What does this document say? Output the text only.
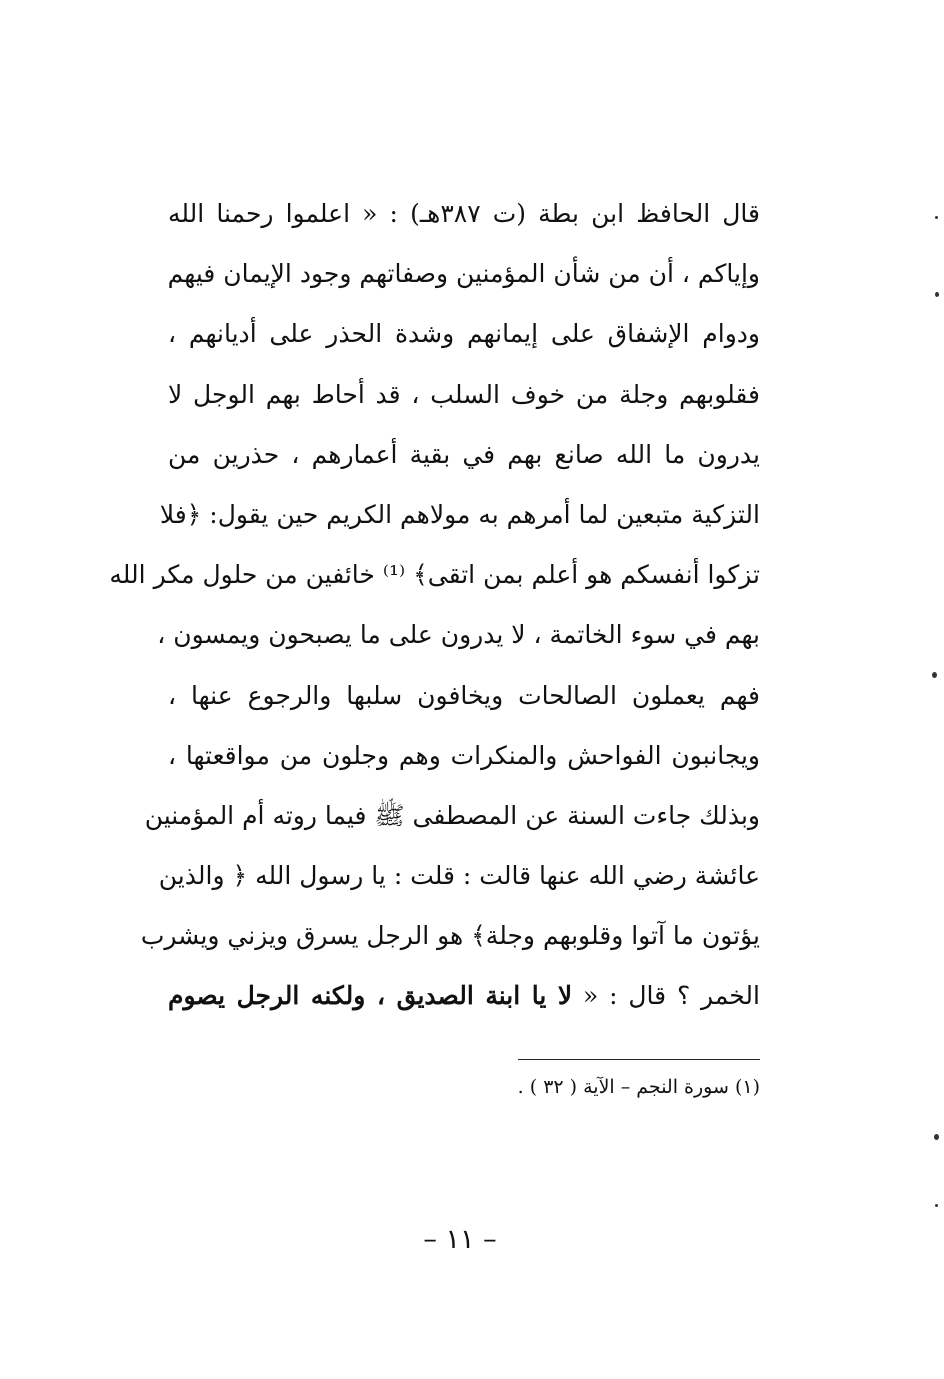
قال الحافظ ابن بطة (ت ٣٨٧هـ) : « اعلموا رحمنا الله
وإياكم ، أن من شأن المؤمنين وصفاتهم وجود الإيمان فيهم
ودوام الإشفاق على إيمانهم وشدة الحذر على أديانهم ،
فقلوبهم وجلة من خوف السلب ، قد أحاط بهم الوجل لا
يدرون ما الله صانع بهم في بقية أعمارهم ، حذرين من
التزكية متبعين لما أمرهم به مولاهم الكريم حين يقول: ﴿فلا
تزكوا أنفسكم هو أعلم بمن اتقى﴾ ⁽¹⁾ خائفين من حلول مكر الله
بهم في سوء الخاتمة ، لا يدرون على ما يصبحون ويمسون ،
فهم يعملون الصالحات ويخافون سلبها والرجوع عنها ،
ويجانبون الفواحش والمنكرات وهم وجلون من مواقعتها ،
وبذلك جاءت السنة عن المصطفى ﷺ فيما روته أم المؤمنين
عائشة رضي الله عنها قالت : قلت : يا رسول الله ﴿ والذين
يؤتون ما آتوا وقلوبهم وجلة﴾ هو الرجل يسرق ويزني ويشرب
الخمر ؟ قال : « لا يا ابنة الصديق ، ولكنه الرجل يصوم
(١) سورة النجم – الآية ( ٣٢ ) .
– ١١ –
